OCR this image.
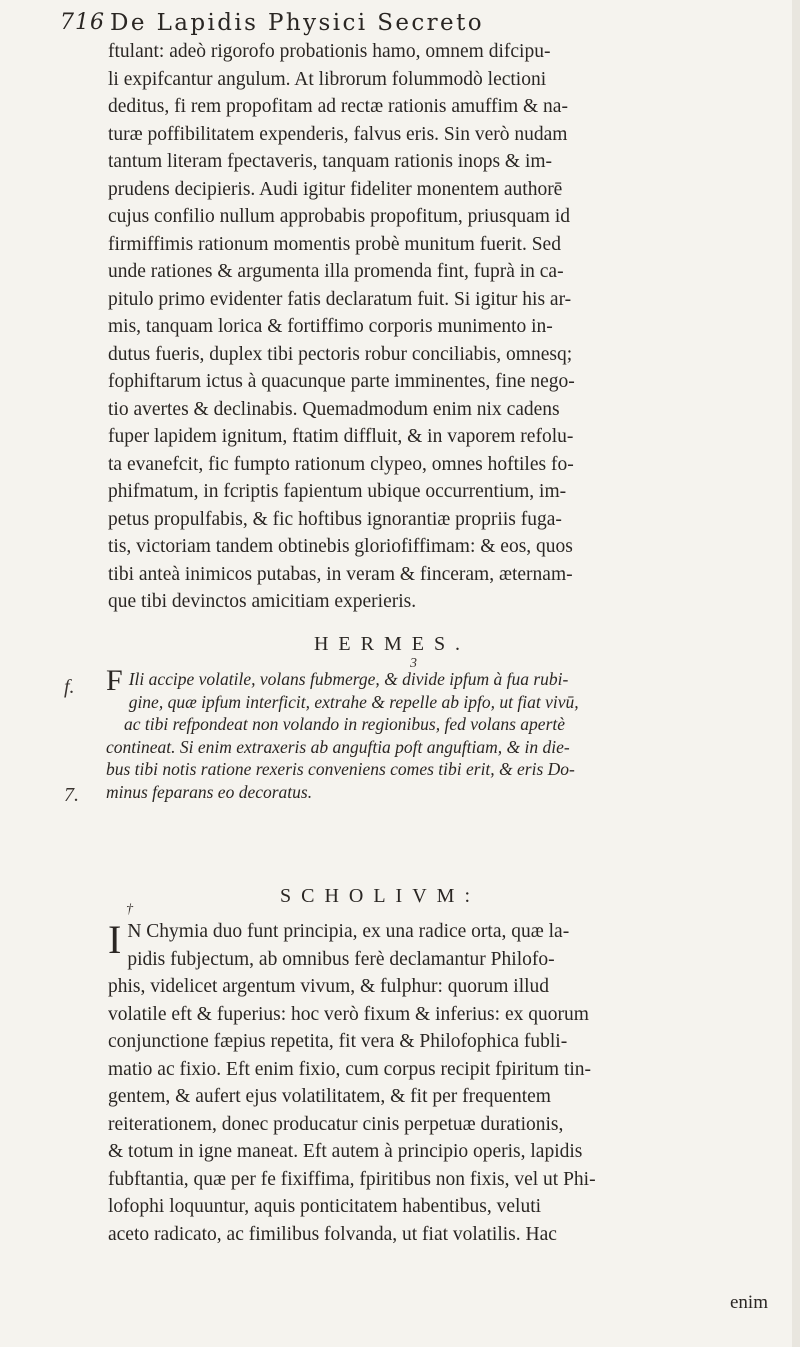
716 De Lapidis Physici Secreto
ftulant: adeò rigorofo probationis hamo, omnem difcipu-
li expifcantur angulum. At librorum folummodò lectioni
deditus, fi rem propofitam ad rectæ rationis amuffim & na-
turæ poffibilitatem expenderis, falvus eris. Sin verò nudam
tantum literam fpectaveris, tanquam rationis inops & im-
prudens decipieris. Audi igitur fideliter monentem authorē
cujus confilio nullum approbabis propofitum, priusquam id
firmiffimis rationum momentis probè munitum fuerit. Sed
unde rationes & argumenta illa promenda fint, fuprà in ca-
pitulo primo evidenter fatis declaratum fuit. Si igitur his ar-
mis, tanquam lorica & fortiffimo corporis munimento in-
dutus fueris, duplex tibi pectoris robur conciliabis, omnesq;
fophiftarum ictus à quacunque parte imminentes, fine nego-
tio avertes & declinabis. Quemadmodum enim nix cadens
fuper lapidem ignitum, ftatim diffluit, & in vaporem refolu-
ta evanefcit, fic fumpto rationum clypeo, omnes hoftiles fo-
phifmatum, in fcriptis fapientum ubique occurrentium, im-
petus propulfabis, & fic hoftibus ignorantiæ propriis fuga-
tis, victoriam tandem obtinebis gloriofiffimam: & eos, quos
tibi anteà inimicos putabas, in veram & finceram, æternam-
que tibi devinctos amicitiam experieris.
HERMES.
3
f.
7.
F Ili accipe volatile, volans fubmerge, & divide ipfum à fua rubi-
gine, quæ ipfum interficit, extrahe & repelle ab ipfo, ut fiat vivū,
ac tibi refpondeat non volando in regionibus, fed volans apertè
contineat. Si enim extraxeris ab anguftia poft anguftiam, & in die-
bus tibi notis ratione rexeris conveniens comes tibi erit, & eris Do-
minus feparans eo decoratus.
†
SCHOLIVM:
I N Chymia duo funt principia, ex una radice orta, quæ la-
pidis fubjectum, ab omnibus ferè declamantur Philofo-
phis, videlicet argentum vivum, & fulphur: quorum illud
volatile eft & fuperius: hoc verò fixum & inferius: ex quorum
conjunctione fæpius repetita, fit vera & Philofophica fubli-
matio ac fixio. Eft enim fixio, cum corpus recipit fpiritum tin-
gentem, & aufert ejus volatilitatem, & fit per frequentem
reiterationem, donec producatur cinis perpetuæ durationis,
& totum in igne maneat. Eft autem à principio operis, lapidis
fubftantia, quæ per fe fixiffima, fpiritibus non fixis, vel ut Phi-
lofophi loquuntur, aquis ponticitatem habentibus, veluti
aceto radicato, ac fimilibus folvanda, ut fiat volatilis. Hac
enim
